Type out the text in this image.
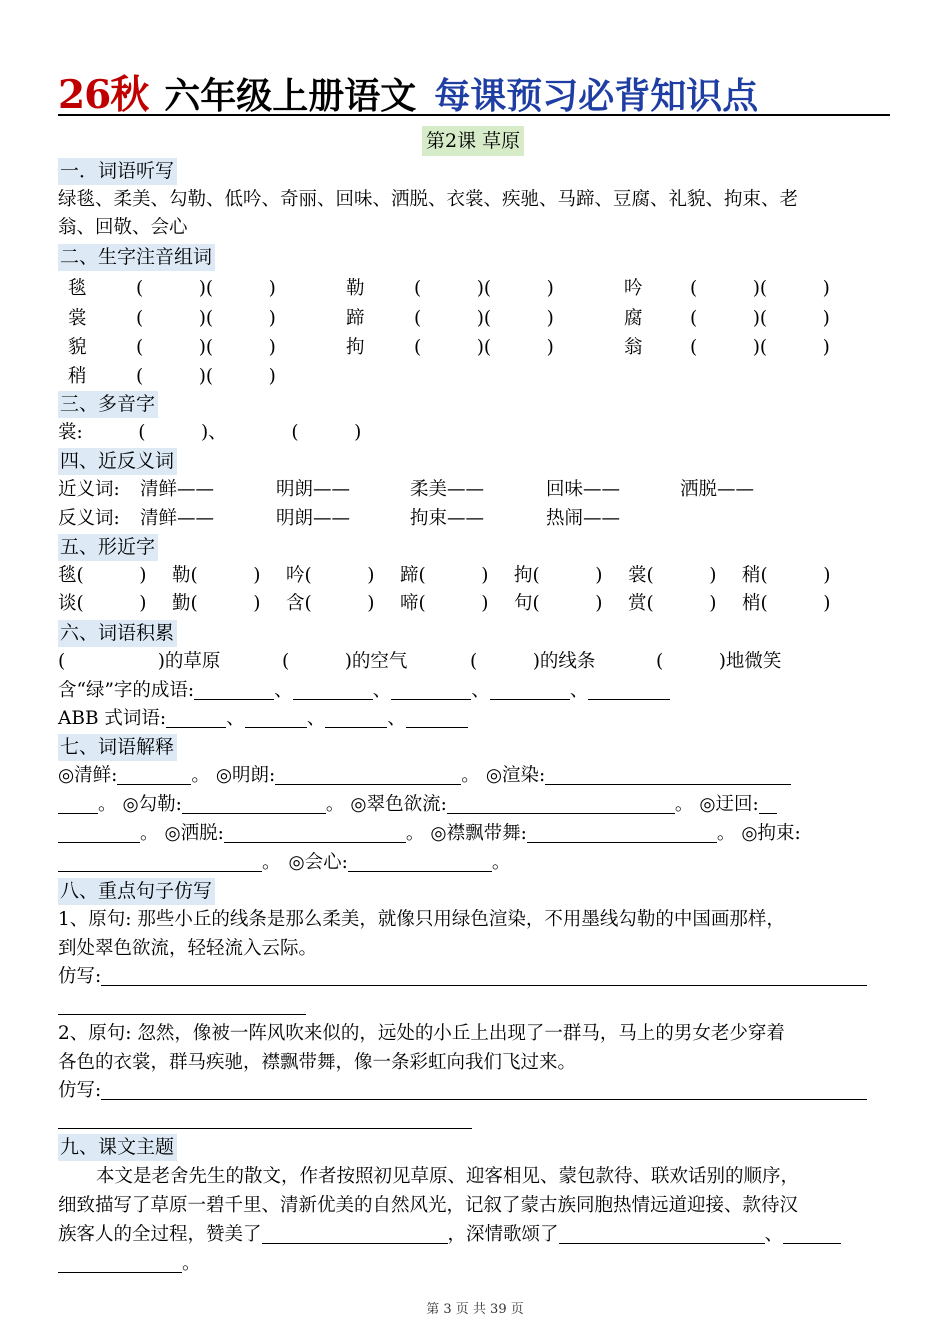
26秋 六年级上册语文 每课预习必背知识点
第2课 草原
一．词语听写
绿毯、柔美、勾勒、低吟、奇丽、回味、洒脱、衣裳、疾驰、马蹄、豆腐、礼貌、拘束、老
翁、回敬、会心
二、生字注音组词
毯	(　　　)(　　　)	勒	(　　　)(　　　)	吟	(　　　)(　　　)
裳	(　　　)(　　　)	蹄	(　　　)(　　　)	腐	(　　　)(　　　)
貌	(　　　)(　　　)	拘	(　　　)(　　　)	翁	(　　　)(　　　)
稍	(　　　)(　　　)
三、多音字
裳:　　　(　　　)、　　　　(　　　)
四、近反义词
近义词: 清鲜——	明朗——	柔美——	回味——	洒脱——
反义词: 清鲜——	明朗——	拘束——	热闹——
五、形近字
毯(　　　) 勒(　　　) 吟(　　　) 蹄(　　　) 拘(　　　) 裳(　　　) 稍(　　　)
谈(　　　) 勤(　　　) 含(　　　) 啼(　　　) 句(　　　) 赏(　　　) 梢(　　　)
六、词语积累
(　　　　　)的草原	(　　　)的空气	(　　　)的线条	(　　　)地微笑
含“绿”字的成语:	、	、	、	、
ABB 式词语:	、	、	、
七、词语解释
◎清鲜:	。 ◎明朗:	。 ◎渲染:
。 ◎勾勒:	。 ◎翠色欲流:	。 ◎迂回:
。 ◎洒脱:	。 ◎襟飘带舞:	。 ◎拘束:
。 ◎会心:	。
八、重点句子仿写
1、原句: 那些小丘的线条是那么柔美，就像只用绿色渲染，不用墨线勾勒的中国画那样，
到处翠色欲流，轻轻流入云际。
仿写:
2、原句: 忽然，像被一阵风吹来似的，远处的小丘上出现了一群马，马上的男女老少穿着
各色的衣裳，群马疾驰，襟飘带舞，像一条彩虹向我们飞过来。
仿写:
九、课文主题
本文是老舍先生的散文，作者按照初见草原、迎客相见、蒙包款待、联欢话别的顺序，
细致描写了草原一碧千里、清新优美的自然风光，记叙了蒙古族同胞热情远道迎接、款待汉
族客人的全过程，赞美了	，深情歌颂了	、
。
第 3 页 共 39 页
